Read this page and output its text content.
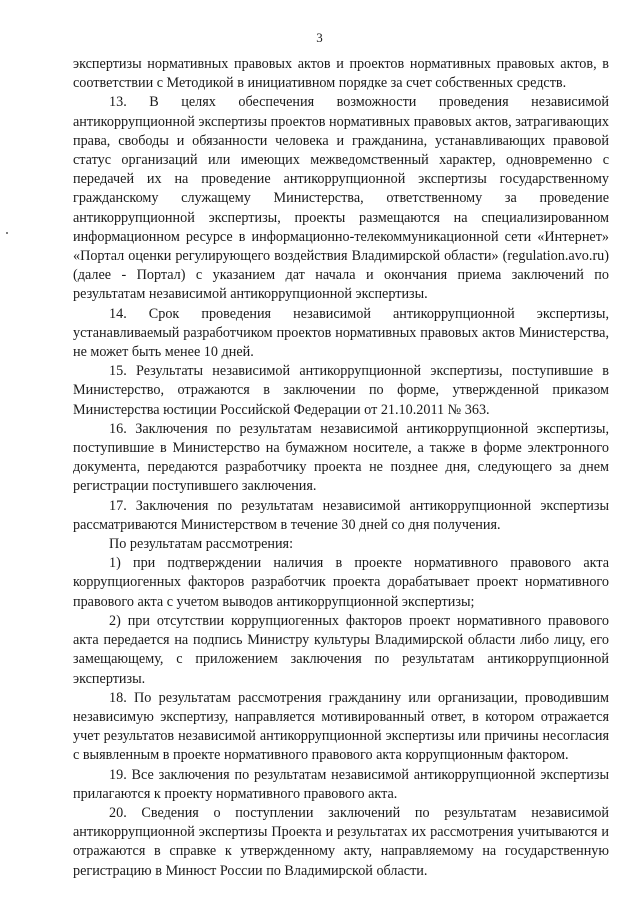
3

экспертизы нормативных правовых актов и проектов нормативных правовых актов, в соответствии с Методикой в инициативном порядке за счет собственных средств.

13. В целях обеспечения возможности проведения независимой антикоррупционной экспертизы проектов нормативных правовых актов, затрагивающих права, свободы и обязанности человека и гражданина, устанавливающих правовой статус организаций или имеющих межведомственный характер, одновременно с передачей их на проведение антикоррупционной экспертизы государственному гражданскому служащему Министерства, ответственному за проведение антикоррупционной экспертизы, проекты размещаются на специализированном информационном ресурсе в информационно-телекоммуникационной сети «Интернет» «Портал оценки регулирующего воздействия Владимирской области» (regulation.avo.ru) (далее - Портал) с указанием дат начала и окончания приема заключений по результатам независимой антикоррупционной экспертизы.

14. Срок проведения независимой антикоррупционной экспертизы, устанавливаемый разработчиком проектов нормативных правовых актов Министерства, не может быть менее 10 дней.

15. Результаты независимой антикоррупционной экспертизы, поступившие в Министерство, отражаются в заключении по форме, утвержденной приказом Министерства юстиции Российской Федерации от 21.10.2011 № 363.

16. Заключения по результатам независимой антикоррупционной экспертизы, поступившие в Министерство на бумажном носителе, а также в форме электронного документа, передаются разработчику проекта не позднее дня, следующего за днем регистрации поступившего заключения.

17. Заключения по результатам независимой антикоррупционной экспертизы рассматриваются Министерством в течение 30 дней со дня получения.

По результатам рассмотрения:

1) при подтверждении наличия в проекте нормативного правового акта коррупциогенных факторов разработчик проекта дорабатывает проект нормативного правового акта с учетом выводов антикоррупционной экспертизы;

2) при отсутствии коррупциогенных факторов проект нормативного правового акта передается на подпись Министру культуры Владимирской области либо лицу, его замещающему, с приложением заключения по результатам антикоррупционной экспертизы.

18. По результатам рассмотрения гражданину или организации, проводившим независимую экспертизу, направляется мотивированный ответ, в котором отражается учет результатов независимой антикоррупционной экспертизы или причины несогласия с выявленным в проекте нормативного правового акта коррупционным фактором.

19. Все заключения по результатам независимой антикоррупционной экспертизы прилагаются к проекту нормативного правового акта.

20. Сведения о поступлении заключений по результатам независимой антикоррупционной экспертизы Проекта и результатах их рассмотрения учитываются и отражаются в справке к утвержденному акту, направляемому на государственную регистрацию в Минюст России по Владимирской области.
